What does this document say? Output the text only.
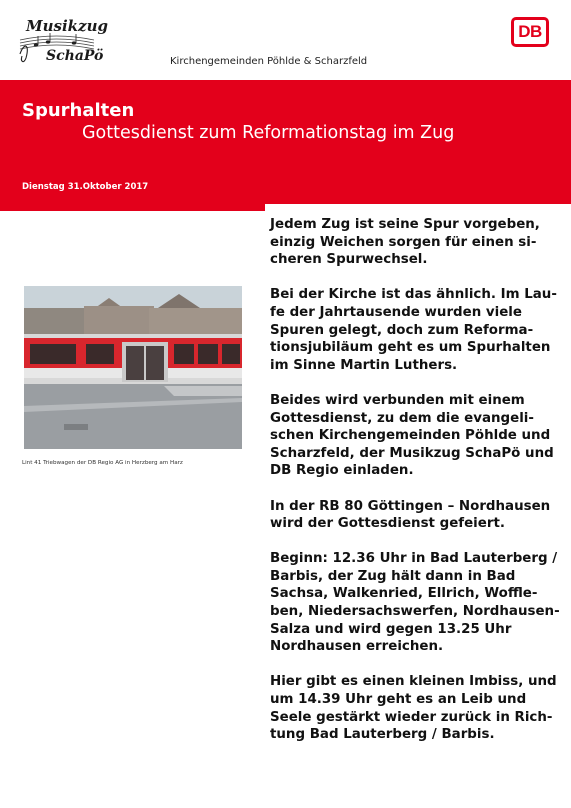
Musikzug
SchaPö	Kirchengemeinden Pöhlde & Scharzfeld
DB
Spurhalten
Gottesdienst zum Reformationstag im Zug
Dienstag 31.Oktober 2017
Lint 41 Triebwagen der DB Regio AG in Herzberg am Harz

Jedem Zug ist seine Spur vorgeben,
einzig Weichen sorgen für einen si-
cheren Spurwechsel.

Bei der Kirche ist das ähnlich. Im Lau-
fe der Jahrtausende wurden viele
Spuren gelegt, doch zum Reforma-
tionsjubiläum geht es um Spurhalten
im Sinne Martin Luthers.

Beides wird verbunden mit einem
Gottesdienst, zu dem die evangeli-
schen Kirchengemeinden Pöhlde und
Scharzfeld, der Musikzug SchaPö und
DB Regio einladen.

In der RB 80 Göttingen – Nordhausen
wird der Gottesdienst gefeiert.

Beginn: 12.36 Uhr in Bad Lauterberg /
Barbis, der Zug hält dann in Bad
Sachsa, Walkenried, Ellrich, Woffle-
ben, Niedersachswerfen, Nordhausen-
Salza und wird gegen 13.25 Uhr
Nordhausen erreichen.

Hier gibt es einen kleinen Imbiss, und
um 14.39 Uhr geht es an Leib und
Seele gestärkt wieder zurück in Rich-
tung Bad Lauterberg / Barbis.
